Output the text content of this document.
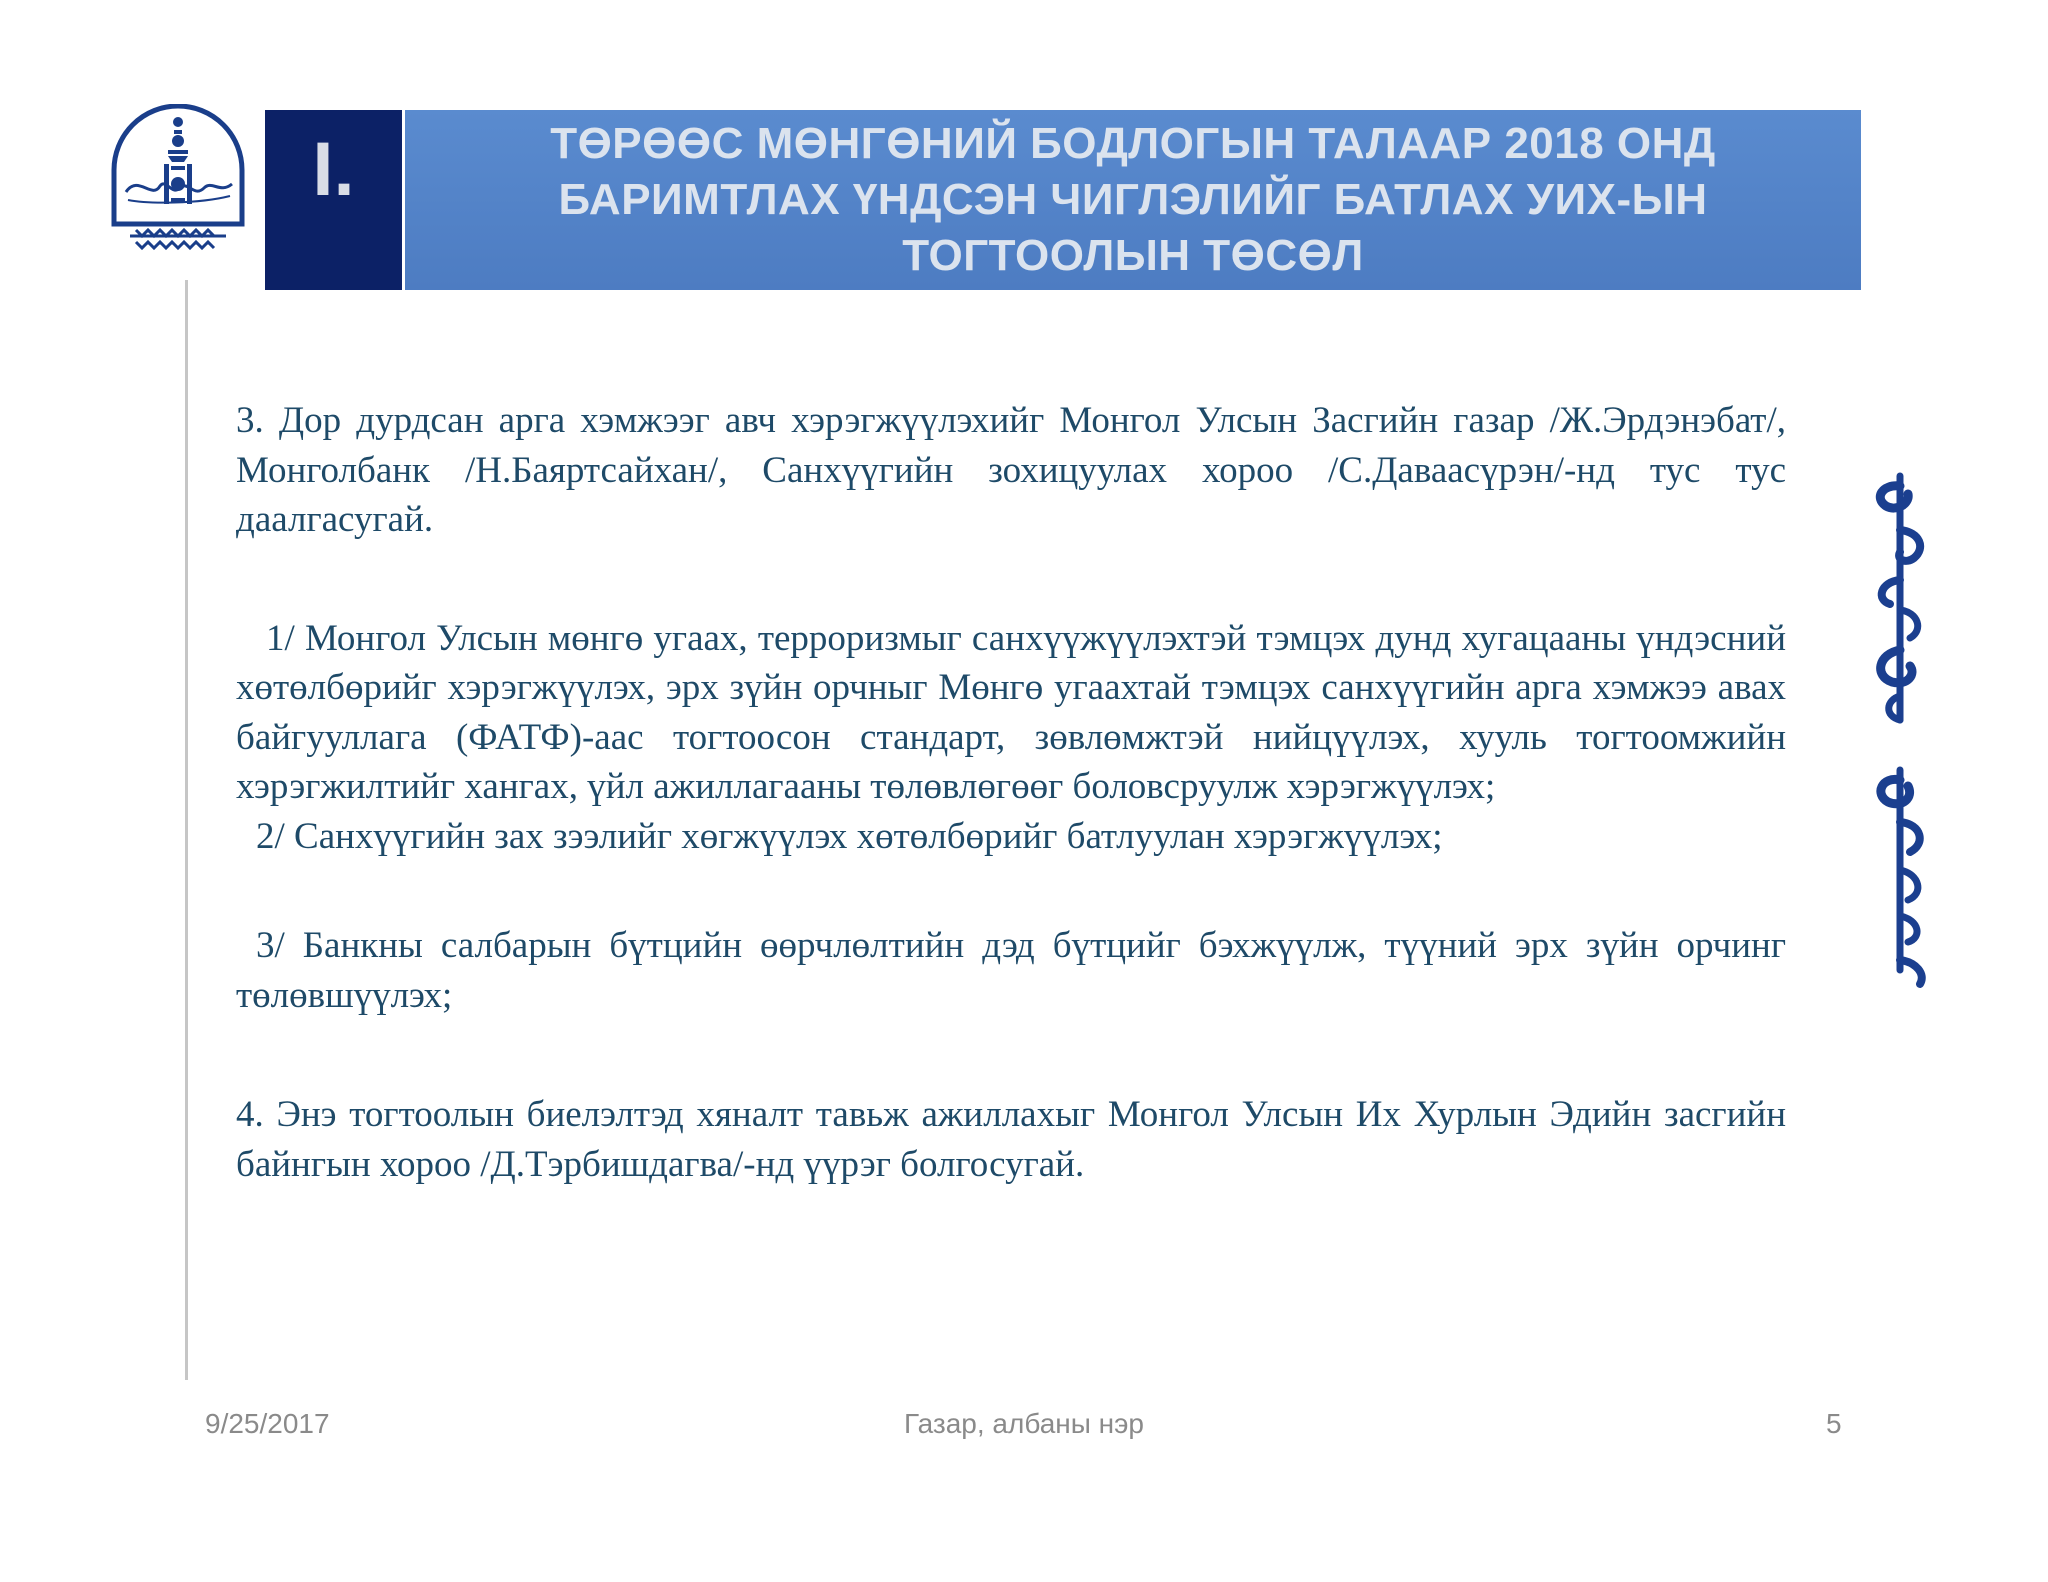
I.	ТӨРӨӨС МӨНГӨНИЙ БОДЛОГЫН ТАЛААР 2018 ОНД
БАРИМТЛАХ ҮНДСЭН ЧИГЛЭЛИЙГ БАТЛАХ УИХ-ЫН
ТОГТООЛЫН ТӨСӨЛ

3. Дор дурдсан арга хэмжээг авч хэрэгжүүлэхийг Монгол Улсын Засгийн газар /Ж.Эрдэнэбат/, Монголбанк /Н.Баяртсайхан/, Санхүүгийн зохицуулах хороо /С.Даваасүрэн/-нд тус тус даалгасугай.

1/ Монгол Улсын мөнгө угаах, терроризмыг санхүүжүүлэхтэй тэмцэх дунд хугацааны үндэсний хөтөлбөрийг хэрэгжүүлэх, эрх зүйн орчныг Мөнгө угаахтай тэмцэх санхүүгийн арга хэмжээ авах байгууллага (ФАТФ)-аас тогтоосон стандарт, зөвлөмжтэй нийцүүлэх, хууль тогтоомжийн хэрэгжилтийг хангах, үйл ажиллагааны төлөвлөгөөг боловсруулж хэрэгжүүлэх;

2/ Санхүүгийн зах зээлийг хөгжүүлэх хөтөлбөрийг батлуулан хэрэгжүүлэх;

3/ Банкны салбарын бүтцийн өөрчлөлтийн дэд бүтцийг бэхжүүлж, түүний эрх зүйн орчинг төлөвшүүлэх;

4. Энэ тогтоолын биелэлтэд хяналт тавьж ажиллахыг Монгол Улсын Их Хурлын Эдийн засгийн байнгын хороо /Д.Тэрбишдагва/-нд үүрэг болгосугай.

9/25/2017	Газар, албаны нэр	5
